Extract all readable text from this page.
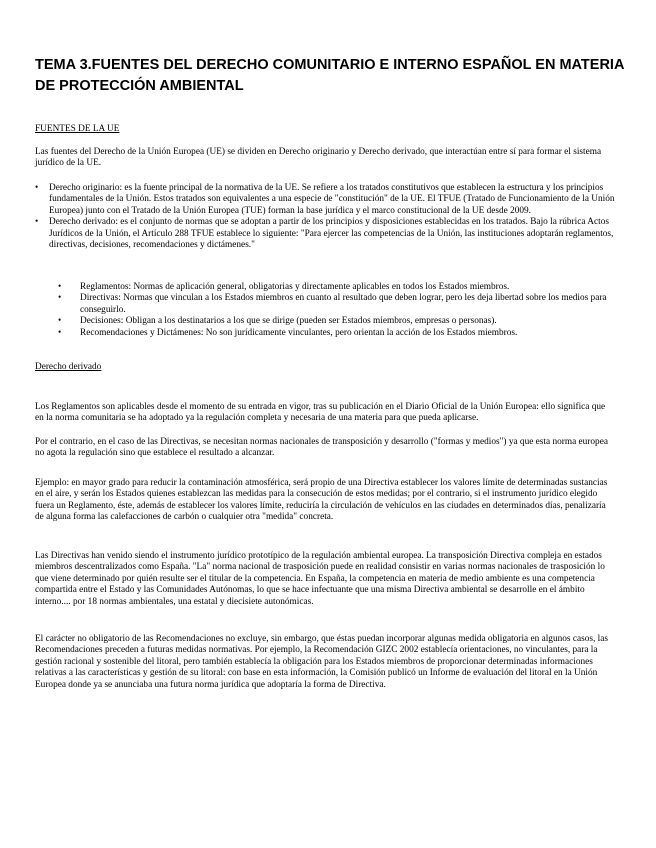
TEMA 3.FUENTES DEL DERECHO COMUNITARIO E INTERNO ESPAÑOL EN MATERIA DE PROTECCIÓN AMBIENTAL

FUENTES DE LA UE

Las fuentes del Derecho de la Unión Europea (UE) se dividen en Derecho originario y Derecho derivado, que interactúan entre sí para formar el sistema jurídico de la UE.

• Derecho originario: es la fuente principal de la normativa de la UE. Se refiere a los tratados constitutivos que establecen la estructura y los principios fundamentales de la Unión. Estos tratados son equivalentes a una especie de "constitución" de la UE. El TFUE (Tratado de Funcionamiento de la Unión Europea) junto con el Tratado de la Unión Europea (TUE) forman la base jurídica y el marco constitucional de la UE desde 2009.
• Derecho derivado: es el conjunto de normas que se adoptan a partir de los principios y disposiciones establecidas en los tratados. Bajo la rúbrica Actos Jurídicos de la Unión, el Artículo 288 TFUE establece lo siguiente: "Para ejercer las competencias de la Unión, las instituciones adoptarán reglamentos, directivas, decisiones, recomendaciones y dictámenes."
• Reglamentos: Normas de aplicación general, obligatorias y directamente aplicables en todos los Estados miembros.
• Directivas: Normas que vinculan a los Estados miembros en cuanto al resultado que deben lograr, pero les deja libertad sobre los medios para conseguirlo.
• Decisiones: Obligan a los destinatarios a los que se dirige (pueden ser Estados miembros, empresas o personas).
• Recomendaciones y Dictámenes: No son jurídicamente vinculantes, pero orientan la acción de los Estados miembros.

Derecho derivado

Los Reglamentos son aplicables desde el momento de su entrada en vigor, tras su publicación en el Diario Oficial de la Unión Europea: ello significa que en la norma comunitaria se ha adoptado ya la regulación completa y necesaria de una materia para que pueda aplicarse.

Por el contrario, en el caso de las Directivas, se necesitan normas nacionales de transposición y desarrollo ("formas y medios") ya que esta norma europea no agota la regulación sino que establece el resultado a alcanzar.

Ejemplo: en mayor grado para reducir la contaminación atmosférica, será propio de una Directiva establecer los valores límite de determinadas sustancias en el aire, y serán los Estados quienes establezcan las medidas para la consecución de estos medidas; por el contrario, si el instrumento jurídico elegido fuera un Reglamento, éste, además de establecer los valores límite, reduciría la circulación de vehículos en las ciudades en determinados días, penalizaría de alguna forma las calefacciones de carbón o cualquier otra "medida" concreta.

Las Directivas han venido siendo el instrumento jurídico prototípico de la regulación ambiental europea. La transposición Directiva compleja en estados miembros descentralizados como España. "La" norma nacional de trasposición puede en realidad consistir en varias normas nacionales de trasposición lo que viene determinado por quién resulte ser el titular de la competencia. En España, la competencia en materia de medio ambiente es una competencia compartida entre el Estado y las Comunidades Autónomas, lo que se hace infectuante que una misma Directiva ambiental se desarrolle en el ámbito interno.... por 18 normas ambientales, una estatal y diecisiete autonómicas.

El carácter no obligatorio de las Recomendaciones no excluye, sin embargo, que éstas puedan incorporar algunas medida obligatoria en algunos casos, las Recomendaciones preceden a futuras medidas normativas. Por ejemplo, la Recomendación GIZC 2002 establecía orientaciones, no vinculantes, para la gestión racional y sostenible del litoral, pero también establecía la obligación para los Estados miembros de proporcionar determinadas informaciones relativas a las características y gestión de su litoral: con base en esta información, la Comisión publicó un Informe de evaluación del litoral en la Unión Europea donde ya se anunciaba una futura norma jurídica que adoptaría la forma de Directiva.
